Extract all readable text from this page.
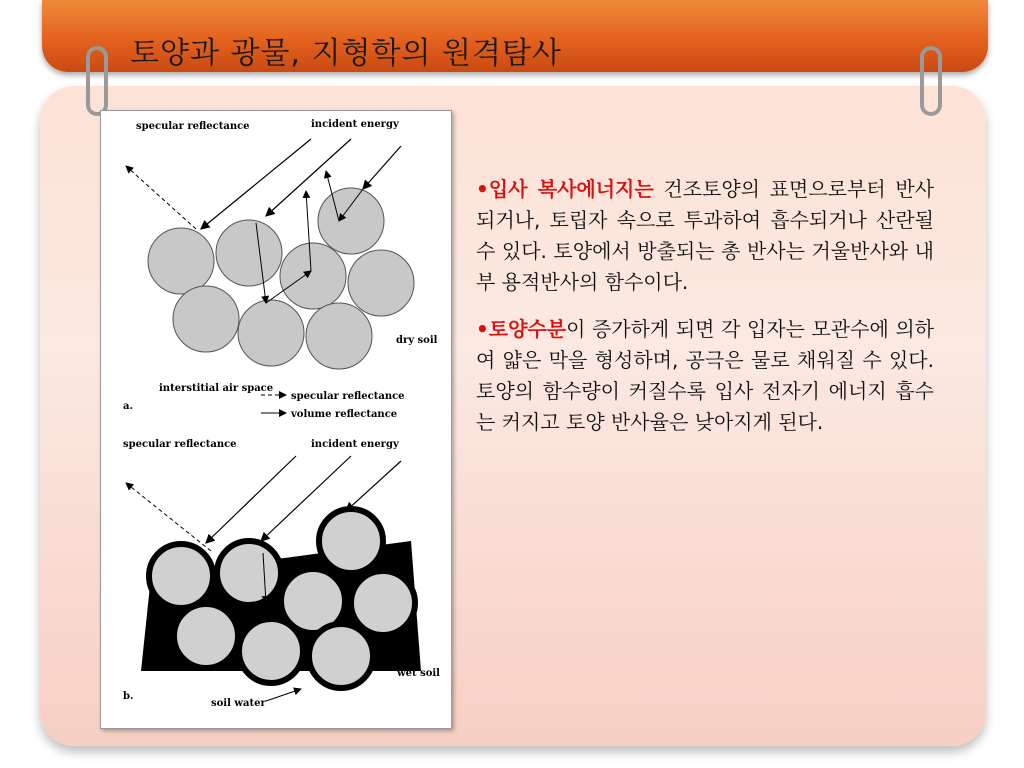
토양과 광물, 지형학의 원격탐사
specular reflectance	incident energy
dry soil
interstitial air space
specular reflectance
volume reflectance
a.
specular reflectance	incident energy
wet soil
soil water
b.

•입사 복사에너지는 건조토양의 표면으로부터 반사되거나, 토립자 속으로 투과하여 흡수되거나 산란될 수 있다. 토양에서 방출되는 총 반사는 거울반사와 내부 용적반사의 함수이다.

•토양수분이 증가하게 되면 각 입자는 모관수에 의하여 얇은 막을 형성하며, 공극은 물로 채워질 수 있다. 토양의 함수량이 커질수록 입사 전자기 에너지 흡수는 커지고 토양 반사율은 낮아지게 된다.
